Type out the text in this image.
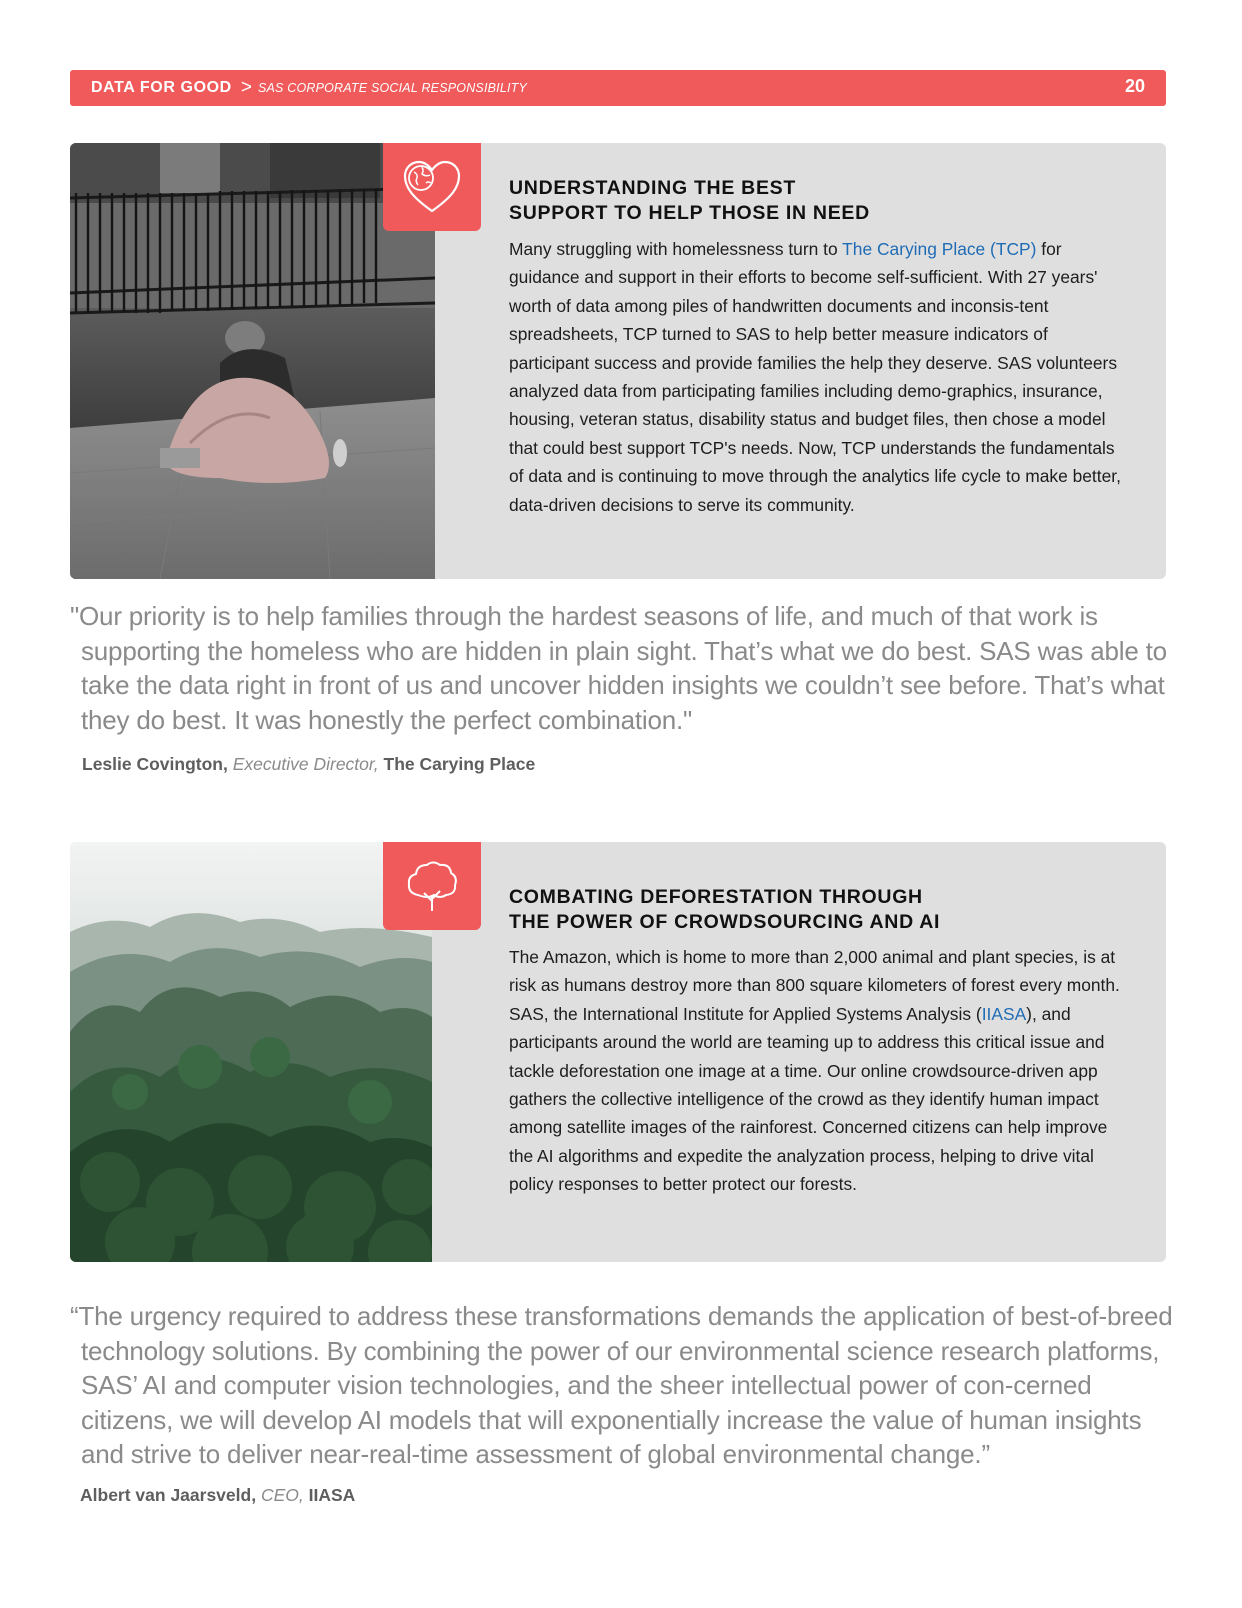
DATA FOR GOOD > SAS CORPORATE SOCIAL RESPONSIBILITY	20
UNDERSTANDING THE BEST
SUPPORT TO HELP THOSE IN NEED

Many struggling with homelessness turn to The Carying Place (TCP) for guidance and support in their efforts to become self-sufficient. With 27 years' worth of data among piles of handwritten documents and inconsis-tent spreadsheets, TCP turned to SAS to help better measure indicators of participant success and provide families the help they deserve. SAS volunteers analyzed data from participating families including demo-graphics, insurance, housing, veteran status, disability status and budget files, then chose a model that could best support TCP's needs. Now, TCP understands the fundamentals of data and is continuing to move through the analytics life cycle to make better, data-driven decisions to serve its community.

"Our priority is to help families through the hardest seasons of life, and much of that work is supporting the homeless who are hidden in plain sight. That’s what we do best. SAS was able to take the data right in front of us and uncover hidden insights we couldn’t see before. That’s what they do best. It was honestly the perfect combination."

Leslie Covington, Executive Director, The Carying Place

COMBATING DEFORESTATION THROUGH
THE POWER OF CROWDSOURCING AND AI

The Amazon, which is home to more than 2,000 animal and plant species, is at risk as humans destroy more than 800 square kilometers of forest every month. SAS, the International Institute for Applied Systems Analysis (IIASA), and participants around the world are teaming up to address this critical issue and tackle deforestation one image at a time. Our online crowdsource-driven app gathers the collective intelligence of the crowd as they identify human impact among satellite images of the rainforest. Concerned citizens can help improve the AI algorithms and expedite the analyzation process, helping to drive vital policy responses to better protect our forests.

“The urgency required to address these transformations demands the application of best-of-breed technology solutions. By combining the power of our environmental science research platforms, SAS’ AI and computer vision technologies, and the sheer intellectual power of con-cerned citizens, we will develop AI models that will exponentially increase the value of human insights and strive to deliver near-real-time assessment of global environmental change.”

Albert van Jaarsveld, CEO, IIASA
